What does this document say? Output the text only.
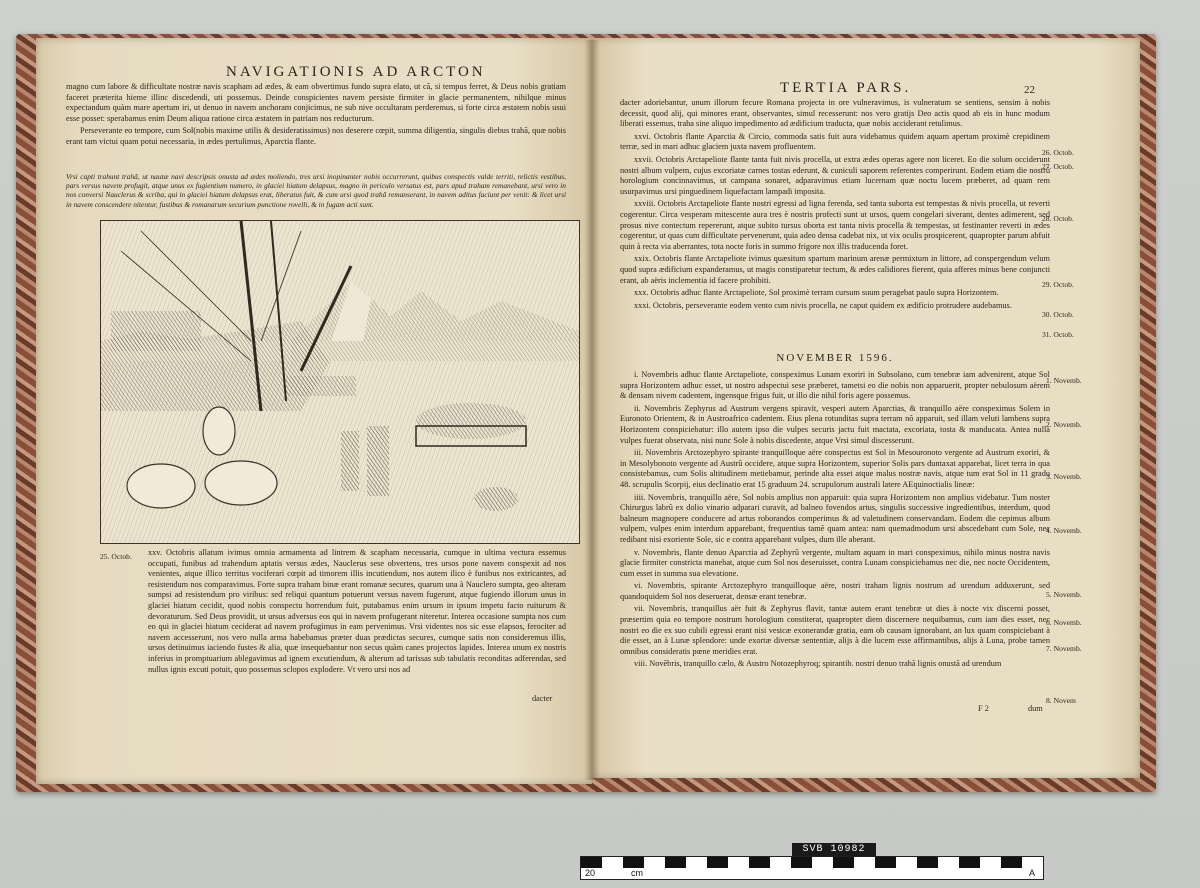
NAVIGATIONIS AD ARCTON

magno cum labore & difficultate nostræ navis scapham ad ædes, & eam obvertimus fundo supra elato, ut cã, si tempus ferret, & Deus nobis gratiam faceret præterita hieme illinc discedendi, uti possemus. Deinde conspicientes navem persiste firmiter in glacie permanentem, nihilque minus expectandum quàm mare apertum iri, ut denuo in navem anchoram conjicimus, ne sub nive occultaram perderemus, si forte circa æstatem nobis usui esse posset: sperabamus enim Deum aliqua ratione circa æstatem in patriam nos reducturum.

Perseverante eo tempore, cum Sol(nobis maxime utilis & desideratissimus) nos deserere cœpit, summa diligentia, singulis diebus trahã, quæ nobis erant tam victui quam potui necessaria, in ædes pertulimus, Aparctia flante.

Vrsi capti trahunt trahã, ut nautæ navi descripsis onusta ad ædes moliendo, tres ursi inopinanter nobis occurrerunt, quibus conspectis valde territi, relictis vestibus, pars versus navem profugit, atque unus ex fugientium numero, in glaciei hiatum delapsus, magno in periculo versatus est, pars apud traham remanebant, ursi vero in nos conversi Nauclerus & scriba, qui in glaciei hiatum delapsus erat, liberatus fuit, & cum ursi quod trahã remanserant, in navem aditus faciunt per venit: & licet ursi in navem conscendere nitentur, fustibus & romanarum securium punctione rovelli, & in fugam acti sunt.
25. Octob. xxv. Octobris allatum ivimus omnia armamenta ad lintrem & scapham necessaria, cumque in ultima vectura essemus occupati, funibus ad trahendum aptatis versus ædes, Nauclerus sese obvertens, tres ursos pone navem conspexit ad nos venientes, atque illico territus vociferari cœpit ad timorem illis incutiendum, nos autem ilico è funibus nos extricantes, ad resistendum nos comparavimus. Forte supra traham binæ erant romanæ secures, quarum una à Nauclero sumpta, geo alteram sumpsi ad resistendum pro viribus: sed reliqui quantum potuerunt versus navem fugerunt, atque fugiendo illorum unus in glaciei hiatum cecidit, quod nobis conspectu horrendum fuit, putabamus enim ursum in ipsum impetu facto ruiturum & devoraturum. Sed Deus providit, ut ursus adversus eos qui in navem profugerant niteretur. Interea occasione sumpta nos cum eo qui in glaciei hiatum ceciderat ad navem profugimus in eam pervenimus. Vrsi videntes nos sic esse elapsos, ferociter ad navem accesserunt, nos vero nulla arma habebamus præter duas prædictas secures, cumque satis non consideremus illis, ursos detinuimus iaciendo fustes & alia, quæ insequebantur non secus quàm canes projectos lapides. Interea unum ex nostris inferius in promptuarium ablegavimus ad ignem excutiendum, & alterum ad tarissas sub tabulatis reconditas adferendas, sed nullus ignis excuti potuit, quo possemus sclopos explodere. Vt vero ursi nos ad

dacter
TERTIA PARS.	22

dacter adoriebantur, unum illorum fecure Romana projecta in ore vulneravimus, is vulneratum se sentiens, sensim à nobis decessit, quod alij, qui minores erant, observantes, simul recesserunt: nos vero gratijs Deo actis quod ab eis in hunc modum liberati essemus, traha sine aliquo impedimento ad ædificium traducta, quæ nobis acciderant retulimus.

xxvi. Octobris flante Aparctia & Circio, commoda satis fuit aura videbamus quidem aquam apertam proximè crepidinem terræ, sed in mari adhuc glaciem juxta navem profluentem.

xxvii. Octobris Arctapeliote flante tanta fuit nivis procella, ut extra ædes operas agere non liceret. Eo die solum occiderunt nostri album vulpem, cujus excoriatæ carnes tostas ederunt, & cuniculi saporem referentes comperirunt. Eodem etiam die nostrû horologium concinnavimus, ut campana sonaret, adparavimus etiam lucernam quæ noctu lucem præberet, ad quam rem usurpavimus ursi pinguedinem liquefactam lampadi imposita.

xxviii. Octobris Arctapeliote flante nostri egressi ad ligna ferenda, sed tanta suborta est tempestas & nivis procella, ut reverti cogerentur. Circa vesperam mitescente aura tres è nostris profecti sunt ut ursos, quem congelari siverant, dentes adimerent, sed prosus nive contectum repererunt, atque subito tursus oborta est tanta nivis procella & tempestas, ut festinanter reverti in ædes cogerentur, ut quas cum difficultate pervenerunt, quia adeo densa cadebat nix, ut vix oculis prospicerent, quapropter parum abfuit quin à recta via aberrantes, tota nocte foris in summo frigore nox illis traducenda foret.

xxix. Octobris flante Arctapeliote ivimus quæsitum spartum marinum arenæ permixtum in littore, ad conspergendum velum quod supra ædificium expanderamus, ut magis constiparetur tectum, & ædes calidiores fierent, quia afferes minus bene conjuncti erant, ab aëris inclementia id facere prohibiti.

xxx. Octobris adhuc flante Arctapeliote, Sol proximè terram cursum suum peragebat paulo supra Horizontem.

xxxi. Octobris, perseverante eodem vento cum nivis procella, ne caput quidem ex ædificio protrudere audebamus.

26. Octob.
27. Octob.
28. Octob.
29. Octob.
30. Octob.
31. Octob.
NOVEMBER 1596.

i. Novembris adhuc flante Arctapeliote, conspeximus Lunam exoriri in Subsolano, cum tenebræ iam advenirent, atque Sol supra Horizontem adhuc esset, ut nostro adspectui sese præberet, tametsi eo die nobis non apparuerit, propter nebulosum aërem & densam nivem cadentem, ingensque frigus fuit, ut illo die nihil foris agere possemus.

ii. Novembris Zephyrus ad Austrum vergens spiravit, vesperi autem Aparctias, & tranquillo aëre conspeximus Solem in Euronoto Orientem, & in Austroafrico cadentem. Eius plena rotunditas supra terram nõ apparuit, sed illam veluti lambens supra Horizontem conspiciebatur: illo autem ipso die vulpes securis jactu fuit mactata, excoriata, tosta & manducata. Antea nulla vulpes fuerat observata, nisi nunc Sole à nobis discedente, atque Vrsi simul discesserunt.

iii. Novembris Arctozephyro spirante tranquilloque aëre conspectus est Sol in Mesouronoto vergente ad Austrum exoriri, & in Mesolybonoto vergente ad Austrû occidere, atque supra Horizontem, superior Solis pars duntaxat apparebat, licet terra in qua consistebamus, cum Solis altitudinem metiebamur, perinde alta esset atque malus nostræ navis, atque tum erat Sol in 11 gradu 48. scrupulis Scorpij, eius declinatio erat 15 graduum 24. scrupulorum australi latere AEquinoctialis lineæ:

iiii. Novembris, tranquillo aëre, Sol nobis amplius non apparuit: quia supra Horizontem non amplius videbatur. Tum noster Chirurgus labrũ ex dolio vinario adparari curavit, ad balneo fovendos artus, singulis successive ingredientibus, interdum, quod balneum magnopere conducere ad artus roborandos comperimus & ad valetudinem conservandam. Eodem die cepimus album vulpem, vulpes enim interdum apparebant, frequentius tamẽ quam antea: nam quemadmodum ursi abscedebant cum Sole, nec redibant nisi exoriente Sole, sic e contra apparebant vulpes, dum ille aberant.

v. Novembris, flante denuo Aparctia ad Zephyrũ vergente, multam aquam in mari conspeximus, nihilo minus nostra navis glacie firmiter constricta manebat, atque cum Sol nos deseruisset, contra Lunam conspiciebamus nec die, nec nocte Occidentem, cum esset in summa sua elevatione.

vi. Novembris, spirante Arctozephyro tranquilloque aëre, nostri traham lignis nostrum ad urendum adduxerunt, sed quandoquidem Sol nos deseruerat, densæ erant tenebræ.

vii. Novembris, tranquillus aër fuit & Zephyrus flavit, tantæ autem erant tenebræ ut dies à nocte vix discerni posset, præsertim quia eo tempore nostrum horologium constiterat, quapropter diem discernere nequibamus, cum iam dies esset, nec nostri eo die ex suo cubili egressi erant nisi vesicæ exonerandæ gratia, eam ob causam ignorabant, an lux quam conspiciebant à die esset, an à Lunæ splendore: unde exortæ diversæ sententiæ, alijs à die lucem esse affirmantibus, alijs à Luna, probe tamen omnibus consideratis pœne meridies erat.

viii. Novẽbris, tranquillo cælo, & Austro Notozephyroq; spirantib. nostri denuo trahã lignis onustã ad urendum

1. Novemb.
2. Novemb.
3. Novemb.
4. Novemb.
5. Novemb.
6. Novemb.
7. Novemb.
8. Novem
F 2	dum
SVB 10982
20	cm	A
